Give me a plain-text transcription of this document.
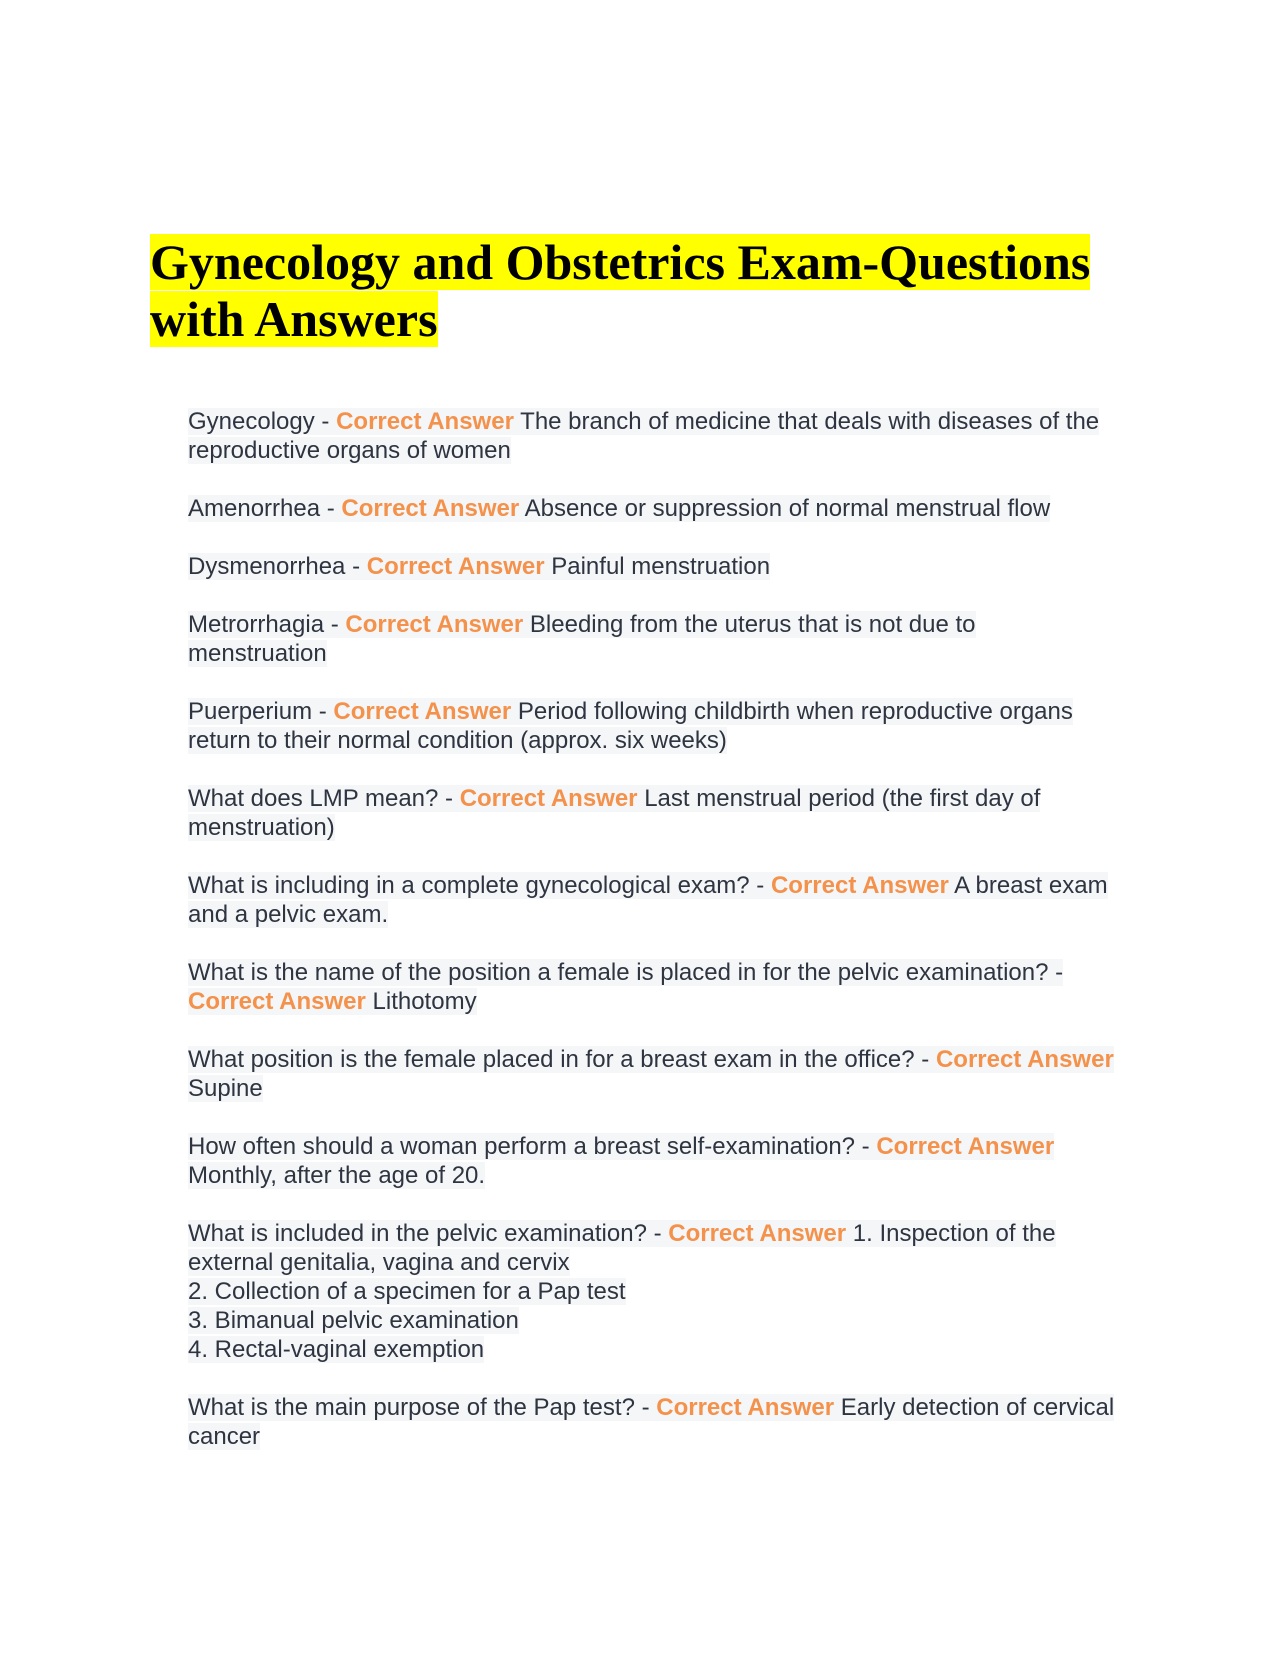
Gynecology and Obstetrics Exam-Questions with Answers
Gynecology - Correct Answer The branch of medicine that deals with diseases of the reproductive organs of women
Amenorrhea - Correct Answer Absence or suppression of normal menstrual flow
Dysmenorrhea - Correct Answer Painful menstruation
Metrorrhagia - Correct Answer Bleeding from the uterus that is not due to menstruation
Puerperium - Correct Answer Period following childbirth when reproductive organs return to their normal condition (approx. six weeks)
What does LMP mean? - Correct Answer Last menstrual period (the first day of menstruation)
What is including in a complete gynecological exam? - Correct Answer A breast exam and a pelvic exam.
What is the name of the position a female is placed in for the pelvic examination? - Correct Answer Lithotomy
What position is the female placed in for a breast exam in the office? - Correct Answer Supine
How often should a woman perform a breast self-examination? - Correct Answer Monthly, after the age of 20.
What is included in the pelvic examination? - Correct Answer 1. Inspection of the external genitalia, vagina and cervix
2. Collection of a specimen for a Pap test
3. Bimanual pelvic examination
4. Rectal-vaginal exemption
What is the main purpose of the Pap test? - Correct Answer Early detection of cervical cancer
